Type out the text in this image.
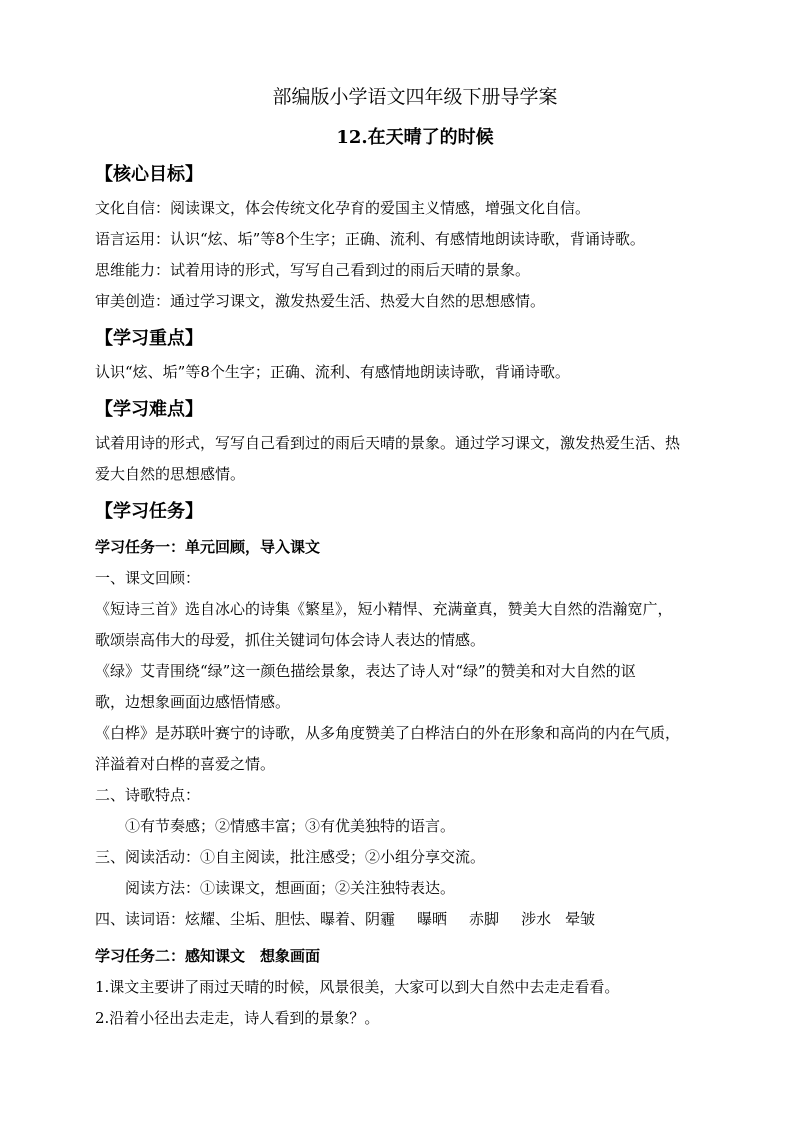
部编版小学语文四年级下册导学案
12.在天晴了的时候
【核心目标】

文化自信：阅读课文，体会传统文化孕育的爱国主义情感，增强文化自信。

语言运用：认识“炫、垢”等8个生字；正确、流利、有感情地朗读诗歌，背诵诗歌。

思维能力：试着用诗的形式，写写自己看到过的雨后天晴的景象。

审美创造：通过学习课文，激发热爱生活、热爱大自然的思想感情。

【学习重点】

认识“炫、垢”等8个生字；正确、流利、有感情地朗读诗歌，背诵诗歌。

【学习难点】

试着用诗的形式，写写自己看到过的雨后天晴的景象。通过学习课文，激发热爱生活、热

爱大自然的思想感情。

【学习任务】
学习任务一：单元回顾，导入课文

一、课文回顾：

《短诗三首》选自冰心的诗集《繁星》，短小精悍、充满童真，赞美大自然的浩瀚宽广，

歌颂崇高伟大的母爱，抓住关键词句体会诗人表达的情感。

《绿》艾青围绕“绿”这一颜色描绘景象，表达了诗人对“绿”的赞美和对大自然的讴

歌，边想象画面边感悟情感。

《白桦》是苏联叶赛宁的诗歌，从多角度赞美了白桦洁白的外在形象和高尚的内在气质，

洋溢着对白桦的喜爱之情。

二、诗歌特点：

①有节奏感；②情感丰富；③有优美独特的语言。

三、阅读活动：①自主阅读，批注感受；②小组分享交流。

阅读方法：①读课文，想画面；②关注独特表达。

四、读词语：炫耀、尘垢、胆怯、曝着、阴霾 曝晒 赤脚 涉水 晕皱

学习任务二：感知课文　想象画面

1.课文主要讲了雨过天晴的时候，风景很美，大家可以到大自然中去走走看看。

2.沿着小径出去走走，诗人看到的景象？。
